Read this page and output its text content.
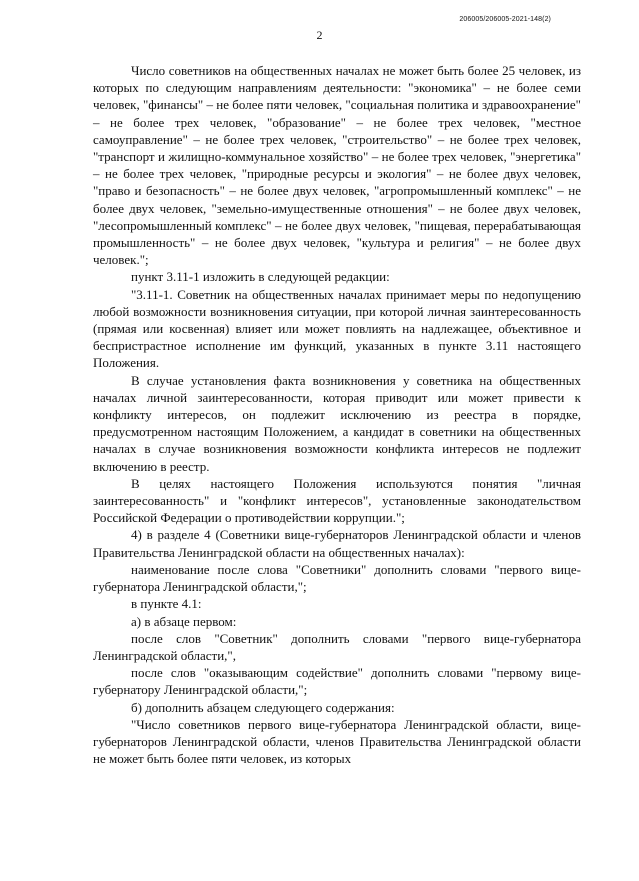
206005/206005-2021-148(2)
2

Число советников на общественных началах не может быть более 25 человек, из которых по следующим направлениям деятельности: "экономика" – не более семи человек, "финансы" – не более пяти человек, "социальная политика и здравоохранение" – не более трех человек, "образование" – не более трех человек, "местное самоуправление" – не более трех человек, "строительство" – не более трех человек, "транспорт и жилищно-коммунальное хозяйство" – не более трех человек, "энергетика" – не более трех человек, "природные ресурсы и экология" – не более двух человек, "право и безопасность" – не более двух человек, "агропромышленный комплекс" – не более двух человек, "земельно-имущественные отношения" – не более двух человек, "лесопромышленный комплекс" – не более двух человек, "пищевая, перерабатывающая промышленность" – не более двух человек, "культура и религия" – не более двух человек.";

пункт 3.11-1 изложить в следующей редакции:

"3.11-1. Советник на общественных началах принимает меры по недопущению любой возможности возникновения ситуации, при которой личная заинтересованность (прямая или косвенная) влияет или может повлиять на надлежащее, объективное и беспристрастное исполнение им функций, указанных в пункте 3.11 настоящего Положения.

В случае установления факта возникновения у советника на общественных началах личной заинтересованности, которая приводит или может привести к конфликту интересов, он подлежит исключению из реестра в порядке, предусмотренном настоящим Положением, а кандидат в советники на общественных началах в случае возникновения возможности конфликта интересов не подлежит включению в реестр.

В целях настоящего Положения используются понятия "личная заинтересованность" и "конфликт интересов", установленные законодательством Российской Федерации о противодействии коррупции.";

4) в разделе 4 (Советники вице-губернаторов Ленинградской области и членов Правительства Ленинградской области на общественных началах):

наименование после слова "Советники" дополнить словами "первого вице-губернатора Ленинградской области,";

в пункте 4.1:

а) в абзаце первом:

после слов "Советник" дополнить словами "первого вице-губернатора Ленинградской области,",

после слов "оказывающим содействие" дополнить словами "первому вице-губернатору Ленинградской области,";

б) дополнить абзацем следующего содержания:

"Число советников первого вице-губернатора Ленинградской области, вице-губернаторов Ленинградской области, членов Правительства Ленинградской области не может быть более пяти человек, из которых
